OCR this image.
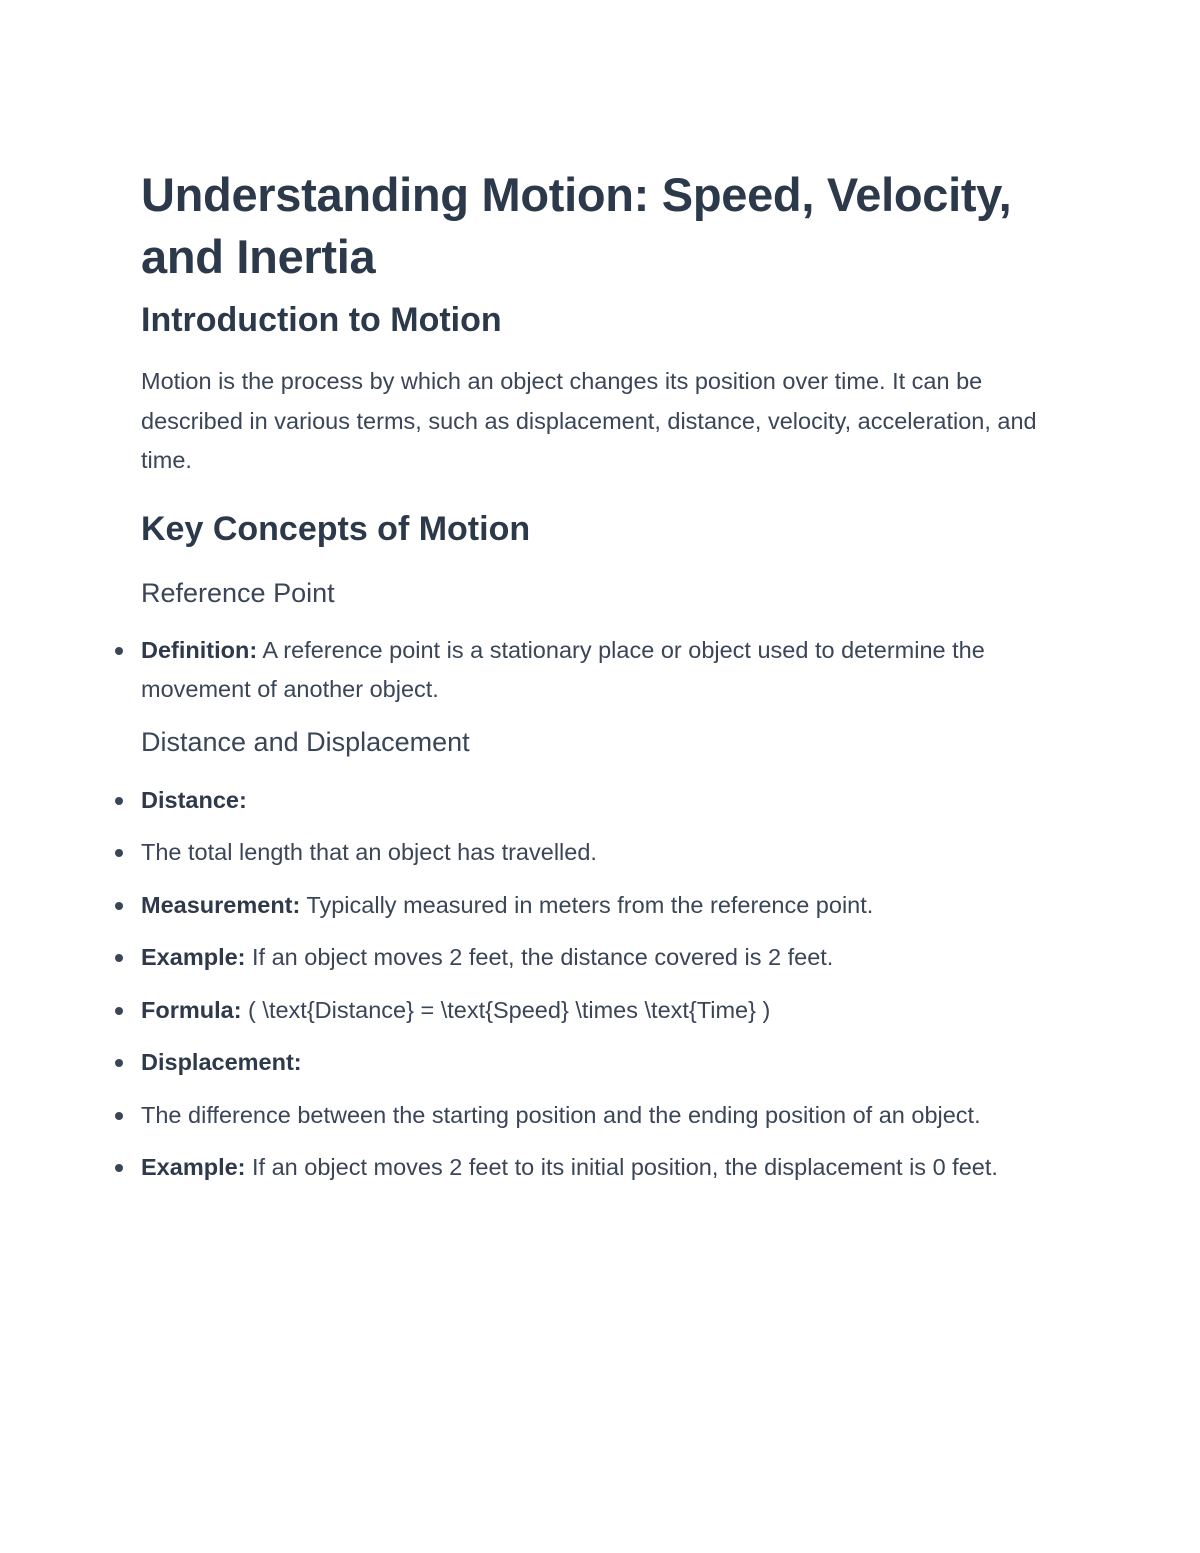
Understanding Motion: Speed, Velocity, and Inertia
Introduction to Motion

Motion is the process by which an object changes its position over time. It can be described in various terms, such as displacement, distance, velocity, acceleration, and time.

Key Concepts of Motion
Reference Point
Definition: A reference point is a stationary place or object used to determine the movement of another object.
Distance and Displacement
Distance:
The total length that an object has travelled.
Measurement: Typically measured in meters from the reference point.
Example: If an object moves 2 feet, the distance covered is 2 feet.
Formula: ( \text{Distance} = \text{Speed} \times \text{Time} )
Displacement:
The difference between the starting position and the ending position of an object.
Example: If an object moves 2 feet to its initial position, the displacement is 0 feet.
